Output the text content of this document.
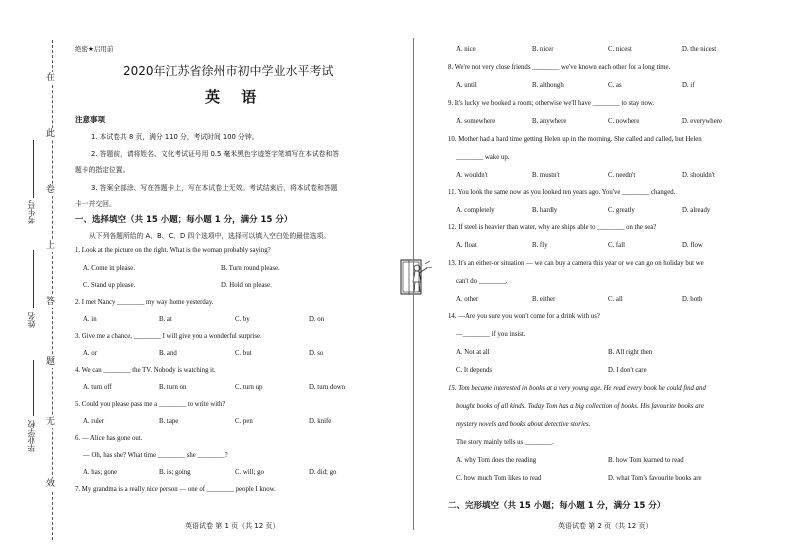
在
此
卷
上
答
题
无
效
考生号
姓名
毕业学校
绝密★启用前
2020年江苏省徐州市初中学业水平考试
英 语
注意事项
1. 本试卷共 8 页，满分 110 分，考试时间 100 分钟。
2. 答题前，请将姓名、文化考试证号用 0.5 毫米黑色字迹签字笔填写在本试卷和答
题卡的指定位置。
3. 答案全部涂、写在答题卡上，写在本试卷上无效。考试结束后，将本试卷和答题
卡一并交回。
一、选择填空（共 15 小题；每小题 1 分，满分 15 分）
从下列各题所给的 A、B、C、D 四个选项中，选择可以填入空白处的最佳选项。
1. Look at the picture on the right. What is the woman probably saying?
A. Come in please.	B. Turn round please.
C. Stand up please.	D. Hold on please.
2. I met Nancy ________ my way home yesterday.
A. in	B. at	C. by	D. on
3. Give me a chance, ________ I will give you a wonderful surprise.
A. or	B. and	C. but	D. so
4. We can ________ the TV. Nobody is watching it.
A. turn off	B. turn on	C. turn up	D. turn down
5. Could you please pass me a ________ to write with?
A. ruler	B. tape	C. pen	D. knife
6. — Alice has gone out.
— Oh, has she? What time ________ she ________?
A. has; gone	B. is; going	C. will; go	D. did; go
7. My grandma is a really nice person — one of ________ people I know.
英语试卷 第 1 页（共 12 页）
A. nice	B. nicer	C. nicest	D. the nicest
8. We're not very close friends ________ we've known each other for a long time.
A. until	B. although	C. as	D. if
9. It's lucky we booked a room; otherwise we'll have ________ to stay now.
A. somewhere	B. anywhere	C. nowhere	D. everywhere
10. Mother had a hard time getting Helen up in the morning. She called and called, but Helen
________ wake up.
A. wouldn't	B. mustn't	C. needn't	D. shouldn't
11. You look the same now as you looked ten years ago. You've ________ changed.
A. completely	B. hardly	C. greatly	D. already
12. If steel is heavier than water, why are ships able to ________ on the sea?
A. float	B. fly	C. fall	D. flow
13. It's an either-or situation — we can buy a camera this year or we can go on holiday but we
can't do ________.
A. other	B. either	C. all	D. both
14. —Are you sure you won't come for a drink with us?
—________ if you insist.
A. Not at all	B. All right then
C. It depends	D. I don't care
15. Tom became interested in books at a very young age. He read every book he could find and
bought books of all kinds. Today Tom has a big collection of books. His favourite books are
mystery novels and books about detective stories.
The story mainly tells us ________.
A. why Tom does the reading	B. how Tom learned to read
C. how much Tom likes to read	D. what Tom's favourite books are
二、完形填空（共 15 小题；每小题 1 分，满分 15 分）
英语试卷 第 2 页（共 12 页）
